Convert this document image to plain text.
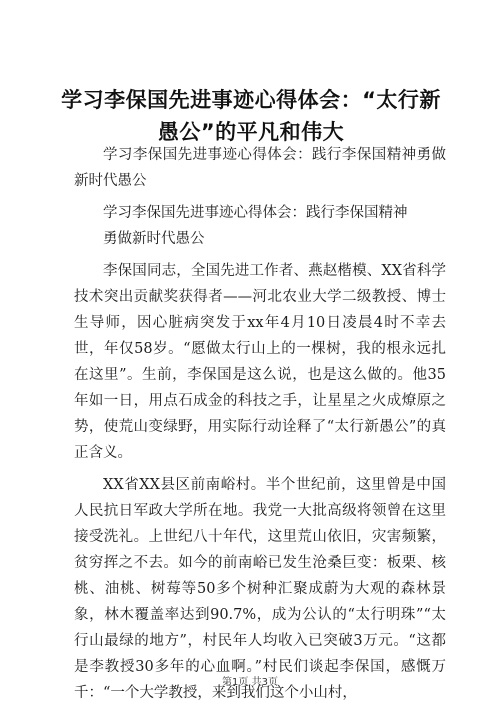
学习李保国先进事迹心得体会：“太行新愚公”的平凡和伟大

学习李保国先进事迹心得体会：践行李保国精神勇做新时代愚公

学习李保国先进事迹心得体会：践行李保国精神

勇做新时代愚公

李保国同志，全国先进工作者、燕赵楷模、XX省科学技术突出贡献奖获得者——河北农业大学二级教授、博士生导师，因心脏病突发于xx年4月10日凌晨4时不幸去世，年仅58岁。“愿做太行山上的一棵树，我的根永远扎在这里”。生前，李保国是这么说，也是这么做的。他35年如一日，用点石成金的科技之手，让星星之火成燎原之势，使荒山变绿野，用实际行动诠释了“太行新愚公”的真正含义。

XX省XX县区前南峪村。半个世纪前，这里曾是中国人民抗日军政大学所在地。我党一大批高级将领曾在这里接受洗礼。上世纪八十年代，这里荒山依旧，灾害频繁，贫穷挥之不去。如今的前南峪已发生沧桑巨变：板栗、核桃、油桃、树莓等50多个树种汇聚成蔚为大观的森林景象，林木覆盖率达到90.7%，成为公认的“太行明珠”“太行山最绿的地方”，村民年人均收入已突破3万元。“这都是李教授30多年的心血啊。”村民们谈起李保国，感慨万千：“一个大学教授，来到我们这个小山村，

第1页 共3页
